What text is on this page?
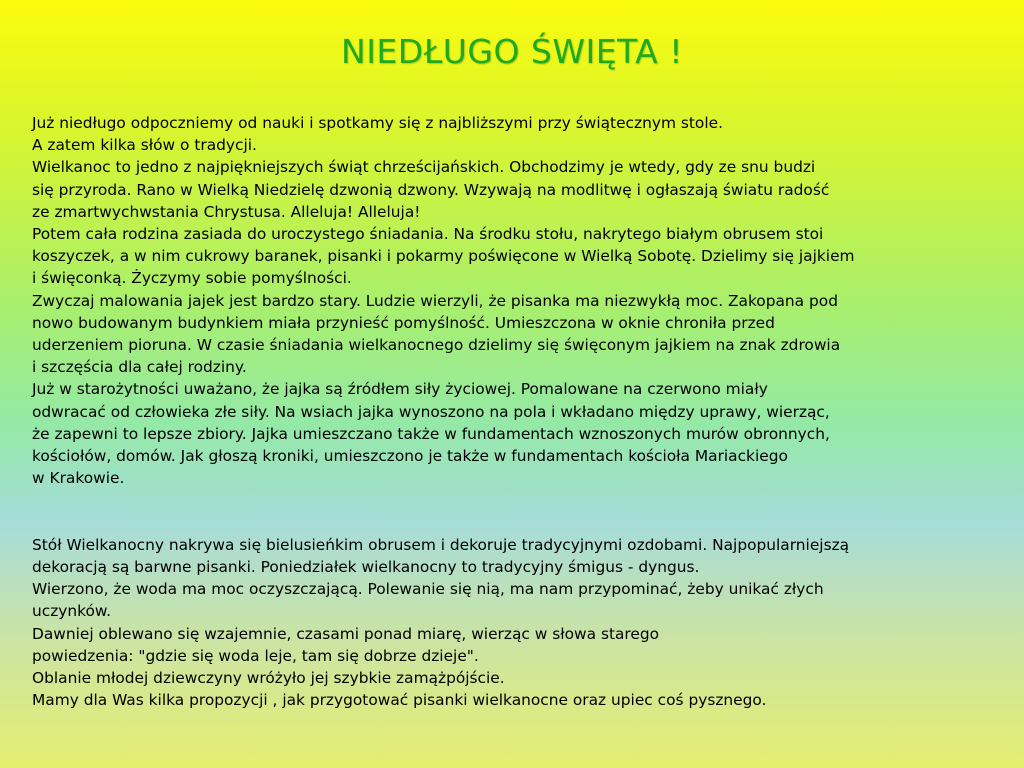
NIEDŁUGO ŚWIĘTA !
Już niedługo odpoczniemy od nauki i spotkamy się z najbliższymi przy świątecznym stole.
A zatem kilka słów o tradycji.
Wielkanoc to jedno z najpiękniejszych świąt chrześcijańskich. Obchodzimy je wtedy, gdy ze snu budzi
się przyroda. Rano w Wielką Niedzielę dzwonią dzwony. Wzywają na modlitwę i ogłaszają światu radość
ze zmartwychwstania Chrystusa. Alleluja! Alleluja!
Potem cała rodzina zasiada do uroczystego śniadania. Na środku stołu, nakrytego białym obrusem stoi
koszyczek, a w nim cukrowy baranek, pisanki i pokarmy poświęcone w Wielką Sobotę. Dzielimy się jajkiem
i święconką. Życzymy sobie pomyślności.
Zwyczaj malowania jajek jest bardzo stary. Ludzie wierzyli, że pisanka ma niezwykłą moc. Zakopana pod
nowo budowanym budynkiem miała przynieść pomyślność. Umieszczona w oknie chroniła przed
uderzeniem pioruna. W czasie śniadania wielkanocnego dzielimy się święconym jajkiem na znak zdrowia
i szczęścia dla całej rodziny.
Już w starożytności uważano, że jajka są źródłem siły życiowej. Pomalowane na czerwono miały
odwracać od człowieka złe siły. Na wsiach jajka wynoszono na pola i wkładano między uprawy, wierząc,
że zapewni to lepsze zbiory. Jajka umieszczano także w fundamentach wznoszonych murów obronnych,
kościołów, domów. Jak głoszą kroniki, umieszczono je także w fundamentach kościoła Mariackiego
w Krakowie.
Stół Wielkanocny nakrywa się bielusieńkim obrusem i dekoruje tradycyjnymi ozdobami. Najpopularniejszą
dekoracją są barwne pisanki. Poniedziałek wielkanocny to tradycyjny śmigus - dyngus.
Wierzono, że woda ma moc oczyszczającą. Polewanie się nią, ma nam przypominać, żeby unikać złych
uczynków.
Dawniej oblewano się wzajemnie, czasami ponad miarę, wierząc w słowa starego
powiedzenia: "gdzie się woda leje, tam się dobrze dzieje".
Oblanie młodej dziewczyny wróżyło jej szybkie zamążpójście.
Mamy dla Was kilka propozycji , jak przygotować pisanki wielkanocne oraz upiec coś pysznego.
